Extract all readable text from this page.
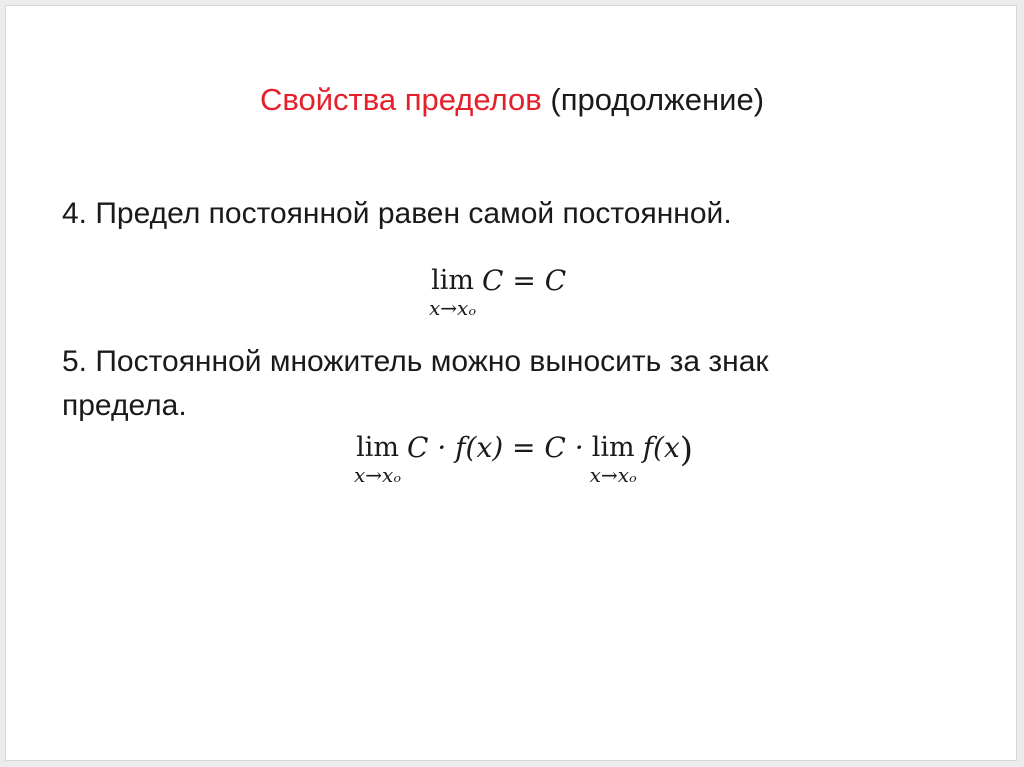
Свойства пределов (продолжение)
4. Предел постоянной равен самой постоянной.
lim
x→xₒ
C = C
5. Постоянной множитель можно выносить за знак
предела.
lim
x→xₒ
C · f(x) = C · lim
x→xₒ
f(x )
